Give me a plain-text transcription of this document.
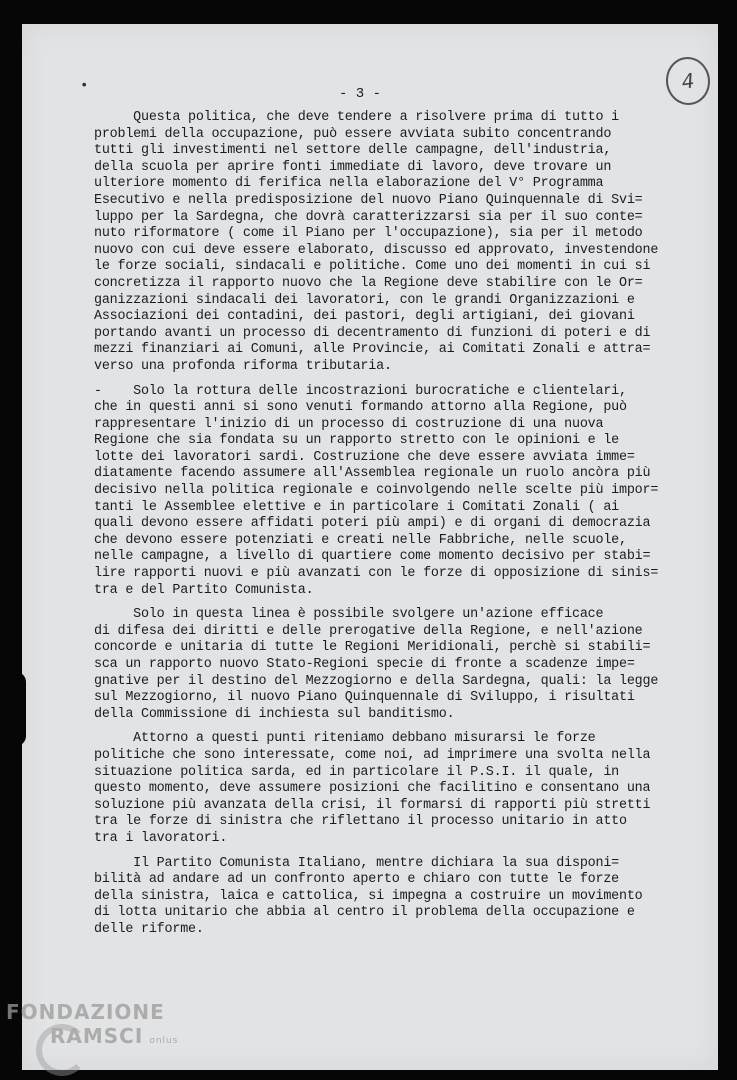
•	4
- 3 -
Questa politica, che deve tendere a risolvere prima di tutto i
problemi della occupazione, può essere avviata subito concentrando
tutti gli investimenti nel settore delle campagne, dell'industria,
della scuola per aprire fonti immediate di lavoro, deve trovare un
ulteriore momento di ferifica nella elaborazione del V° Programma
Esecutivo e nella predisposizione del nuovo Piano Quinquennale di Svi=
luppo per la Sardegna, che dovrà caratterizzarsi sia per il suo conte=
nuto riformatore ( come il Piano per l'occupazione), sia per il metodo
nuovo con cui deve essere elaborato, discusso ed approvato, investendone
le forze sociali, sindacali e politiche. Come uno dei momenti in cui si
concretizza il rapporto nuovo che la Regione deve stabilire con le Or=
ganizzazioni sindacali dei lavoratori, con le grandi Organizzazioni e
Associazioni dei contadini, dei pastori, degli artigiani, dei giovani
portando avanti un processo di decentramento di funzioni di poteri e di
mezzi finanziari ai Comuni, alle Provincie, ai Comitati Zonali e attra=
verso una profonda riforma tributaria.
-    Solo la rottura delle incostrazioni burocratiche e clientelari,
che in questi anni si sono venuti formando attorno alla Regione, può
rappresentare l'inizio di un processo di costruzione di una nuova
Regione che sia fondata su un rapporto stretto con le opinioni e le
lotte dei lavoratori sardi. Costruzione che deve essere avviata imme=
diatamente facendo assumere all'Assemblea regionale un ruolo ancòra più
decisivo nella politica regionale e coinvolgendo nelle scelte più impor=
tanti le Assemblee elettive e in particolare i Comitati Zonali ( ai
quali devono essere affidati poteri più ampi) e di organi di democrazia
che devono essere potenziati e creati nelle Fabbriche, nelle scuole,
nelle campagne, a livello di quartiere come momento decisivo per stabi=
lire rapporti nuovi e più avanzati con le forze di opposizione di sinis=
tra e del Partito Comunista.
Solo in questa linea è possibile svolgere un'azione efficace
di difesa dei diritti e delle prerogative della Regione, e nell'azione
concorde e unitaria di tutte le Regioni Meridionali, perchè si stabili=
sca un rapporto nuovo Stato-Regioni specie di fronte a scadenze impe=
gnative per il destino del Mezzogiorno e della Sardegna, quali: la legge
sul Mezzogiorno, il nuovo Piano Quinquennale di Sviluppo, i risultati
della Commissione di inchiesta sul banditismo.
Attorno a questi punti riteniamo debbano misurarsi le forze
politiche che sono interessate, come noi, ad imprimere una svolta nella
situazione politica sarda, ed in particolare il P.S.I. il quale, in
questo momento, deve assumere posizioni che facilitino e consentano una
soluzione più avanzata della crisi, il formarsi di rapporti più stretti
tra le forze di sinistra che riflettano il processo unitario in atto
tra i lavoratori.
Il Partito Comunista Italiano, mentre dichiara la sua disponi=
bilità ad andare ad un confronto aperto e chiaro con tutte le forze
della sinistra, laica e cattolica, si impegna a costruire un movimento
di lotta unitario che abbia al centro il problema della occupazione e
delle riforme.
FONDAZIONE
RAMSCI onlus
